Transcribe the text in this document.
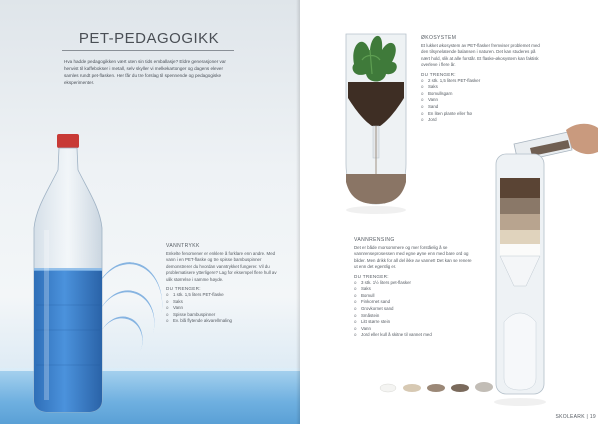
PET-PEDAGOGIKK

Hva hadde pedagogikken vært uten sin tids emballasje? Eldre generasjoner var henvist til kaffebokser i metall, selv skyller vi melkekartonger og dagens elever samles rundt pet-flasken. Her får du tre forslag til spennende og pedagogiske eksperimenter.

VANNTRYKK

Enkelte fenomener er enklere å forklare enn andre. Med vann i en PET-flaske og tre spisse bambuspinner demonstrerer du hvordan vanntrykket fungerer. Vil du problematisere ytterligere? Lag for eksempel flere hull av ulik størrelse i samme høyde.

DU TRENGER:

o 1 stk. 1,5 liters PET-flaske
o Saks
o Vann
o Spisse bambuspinner
o Ev. blå flytende akvarellmaling

ØKOSYSTEM

Et lukket økosystem av PET-flasker fremviser problemet med den tilsynelatende balansen i naturen. Det kan studeres på nært hold, slik at alle forstår. Et flaske-økosystem kan faktisk overleve i flere år.

DU TRENGER:

o 2 stk. 1,5 liters PET-flasker
o Saks
o Bomullsgarn
o Vann
o Sand
o En liten plante eller frø
o Jord

VANNRENSING

Det er både morsommere og mer forståelig å se vannrenseprosessen med egne øyne enn med bare ord og bilder. Men drikk for all del ikke av vannet! Det kan se renere ut enn det egentlig er.

DU TRENGER:

o 3 stk. 1½ liters pet-flasker
o Saks
o Bomull
o Finkornet sand
o Grovkornet sand
o Småstein
o Litt større stein
o Vann
o Jord eller kull å skitne til vannet med
SKOLEARK | 19
